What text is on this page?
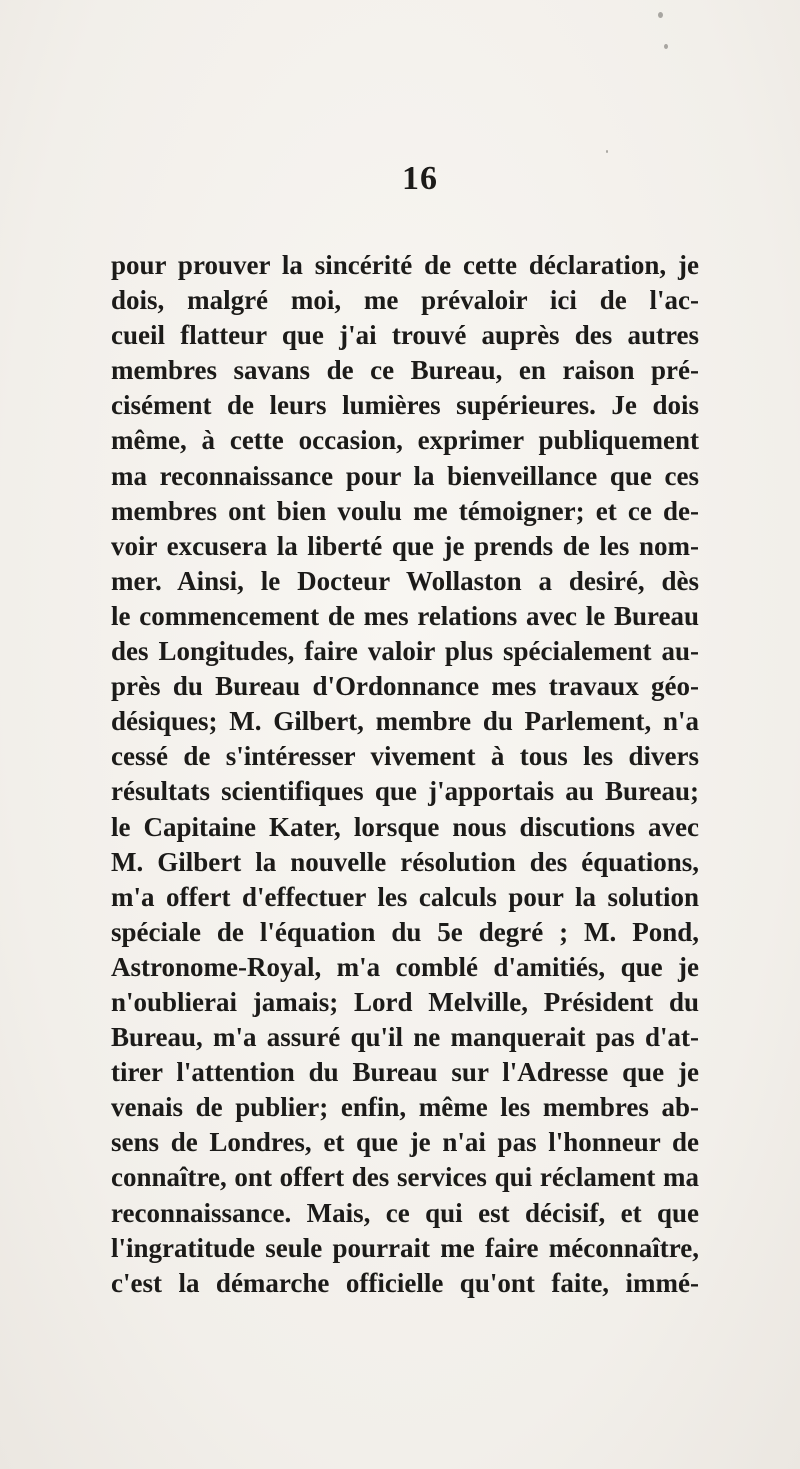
16
pour prouver la sincérité de cette déclaration, je
dois, malgré moi, me prévaloir ici de l'ac-
cueil flatteur que j'ai trouvé auprès des autres
membres savans de ce Bureau, en raison pré-
cisément de leurs lumières supérieures. Je dois
même, à cette occasion, exprimer publiquement
ma reconnaissance pour la bienveillance que ces
membres ont bien voulu me témoigner; et ce de-
voir excusera la liberté que je prends de les nom-
mer. Ainsi, le Docteur Wollaston a desiré, dès
le commencement de mes relations avec le Bureau
des Longitudes, faire valoir plus spécialement au-
près du Bureau d'Ordonnance mes travaux géo-
désiques; M. Gilbert, membre du Parlement, n'a
cessé de s'intéresser vivement à tous les divers
résultats scientifiques que j'apportais au Bureau;
le Capitaine Kater, lorsque nous discutions avec
M. Gilbert la nouvelle résolution des équations,
m'a offert d'effectuer les calculs pour la solution
spéciale de l'équation du 5e degré ; M. Pond,
Astronome-Royal, m'a comblé d'amitiés, que je
n'oublierai jamais; Lord Melville, Président du
Bureau, m'a assuré qu'il ne manquerait pas d'at-
tirer l'attention du Bureau sur l'Adresse que je
venais de publier; enfin, même les membres ab-
sens de Londres, et que je n'ai pas l'honneur de
connaître, ont offert des services qui réclament ma
reconnaissance. Mais, ce qui est décisif, et que
l'ingratitude seule pourrait me faire méconnaître,
c'est la démarche officielle qu'ont faite, immé-
